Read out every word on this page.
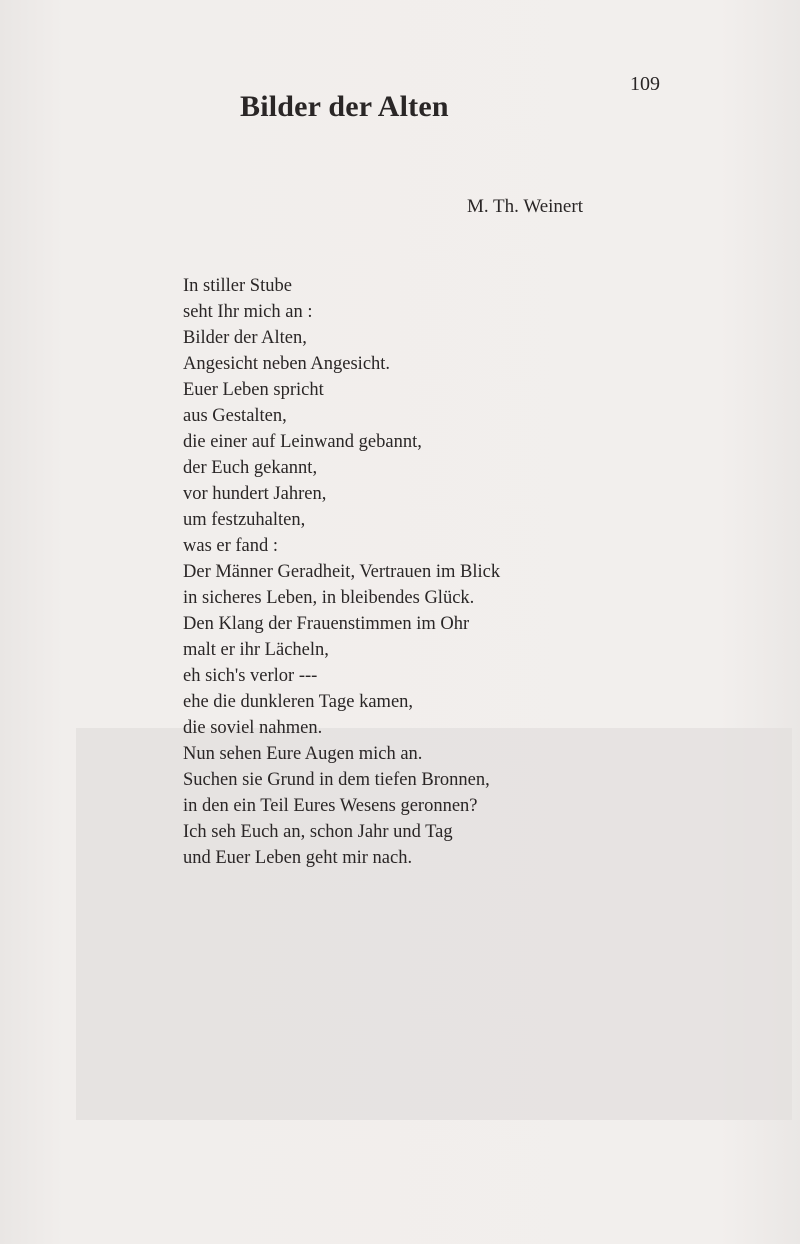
109
Bilder der Alten
M. Th. Weinert
In stiller Stube
seht Ihr mich an :
Bilder der Alten,
Angesicht neben Angesicht.
Euer Leben spricht
aus Gestalten,
die einer auf Leinwand gebannt,
der Euch gekannt,
vor hundert Jahren,
um festzuhalten,
was er fand :
Der Männer Geradheit, Vertrauen im Blick
in sicheres Leben, in bleibendes Glück.
Den Klang der Frauenstimmen im Ohr
malt er ihr Lächeln,
eh sich's verlor ---
ehe die dunkleren Tage kamen,
die soviel nahmen.
Nun sehen Eure Augen mich an.
Suchen sie Grund in dem tiefen Bronnen,
in den ein Teil Eures Wesens geronnen?
Ich seh Euch an, schon Jahr und Tag
und Euer Leben geht mir nach.
